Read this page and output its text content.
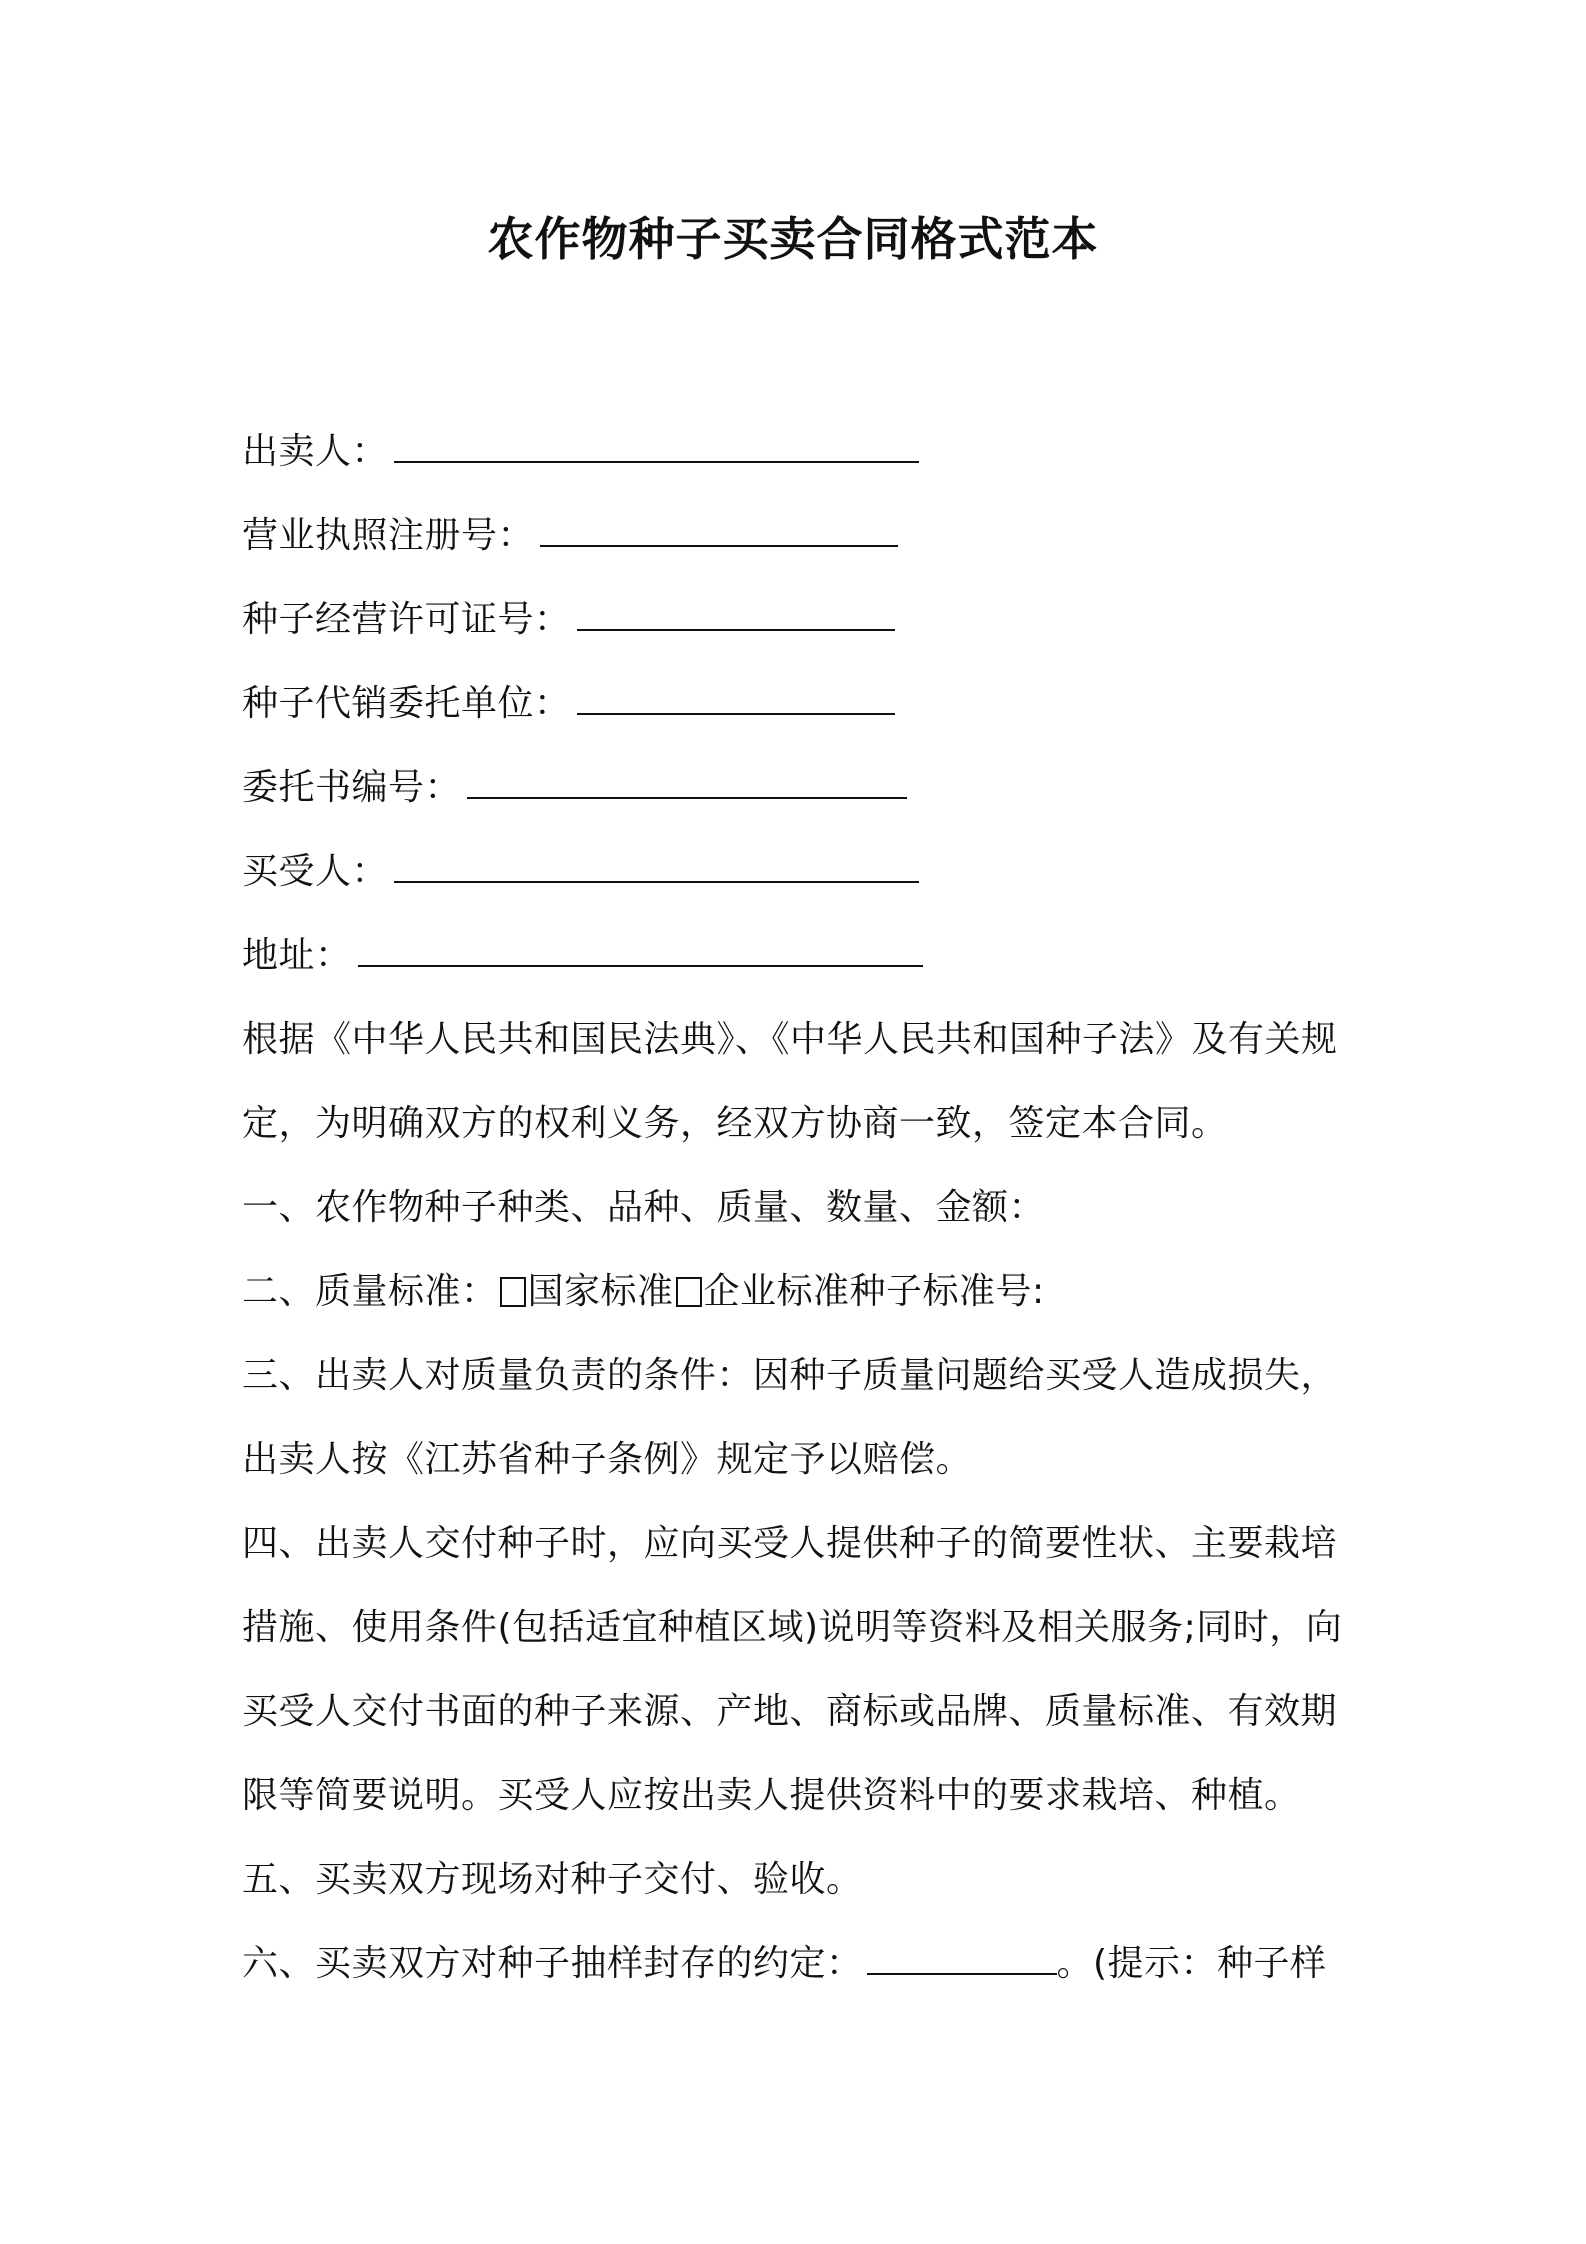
农作物种子买卖合同格式范本
出卖人：
营业执照注册号：
种子经营许可证号：
种子代销委托单位：
委托书编号：
买受人：
地址：
根据《中华人民共和国民法典》、《中华人民共和国种子法》及有关规
定，为明确双方的权利义务，经双方协商一致，签定本合同。
一、农作物种子种类、品种、质量、数量、金额：
二、质量标准： 国家标准 企业标准种子标准号:
三、出卖人对质量负责的条件：因种子质量问题给买受人造成损失，
出卖人按《江苏省种子条例》规定予以赔偿。
四、出卖人交付种子时，应向买受人提供种子的简要性状、主要栽培
措施、使用条件(包括适宜种植区域)说明等资料及相关服务;同时，向
买受人交付书面的种子来源、产地、商标或品牌、质量标准、有效期
限等简要说明。买受人应按出卖人提供资料中的要求栽培、种植。
五、买卖双方现场对种子交付、验收。
六、买卖双方对种子抽样封存的约定：	。(提示：种子样
